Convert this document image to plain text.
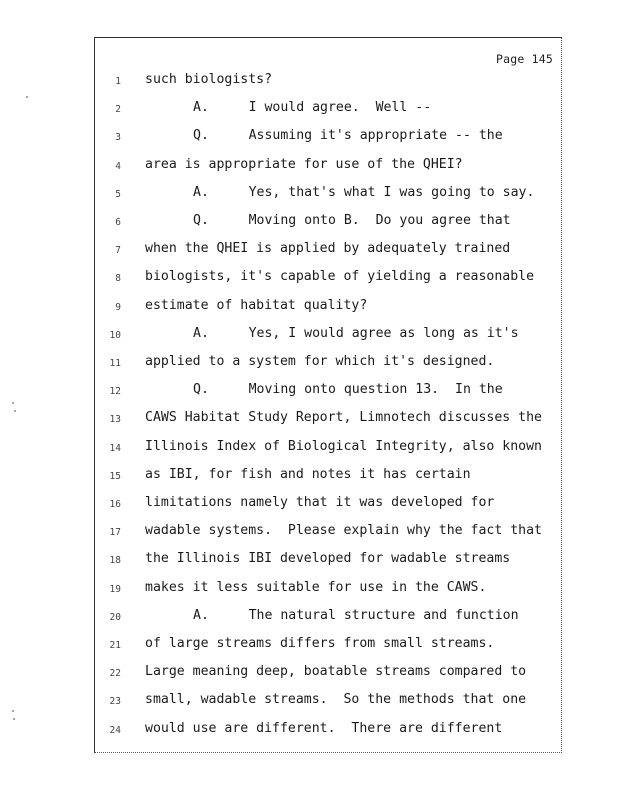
Page 145
1 such biologists?
2	A.     I would agree.  Well --
3	Q.     Assuming it's appropriate -- the
4 area is appropriate for use of the QHEI?
5	A.     Yes, that's what I was going to say.
6	Q.     Moving onto B.  Do you agree that
7 when the QHEI is applied by adequately trained
8 biologists, it's capable of yielding a reasonable
9 estimate of habitat quality?
10	A.     Yes, I would agree as long as it's
11 applied to a system for which it's designed.
12	Q.     Moving onto question 13.  In the
13 CAWS Habitat Study Report, Limnotech discusses the
14 Illinois Index of Biological Integrity, also known
15 as IBI, for fish and notes it has certain
16 limitations namely that it was developed for
17 wadable systems.  Please explain why the fact that
18 the Illinois IBI developed for wadable streams
19 makes it less suitable for use in the CAWS.
20	A.     The natural structure and function
21 of large streams differs from small streams.
22 Large meaning deep, boatable streams compared to
23 small, wadable streams.  So the methods that one
24 would use are different.  There are different
